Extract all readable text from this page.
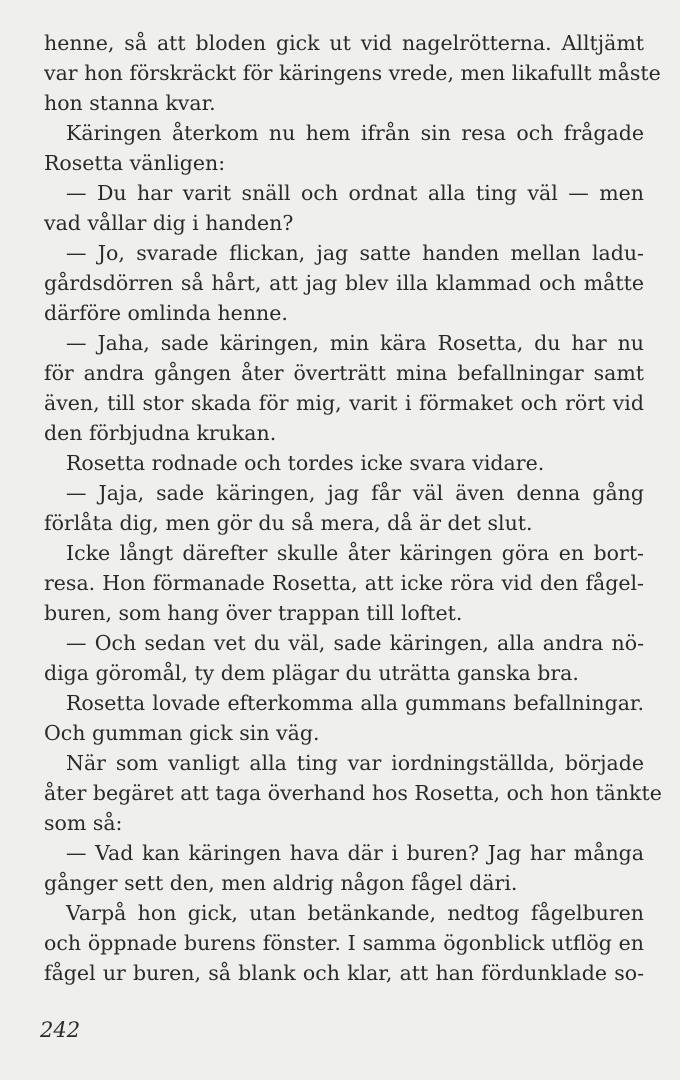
henne, så att bloden gick ut vid nagelrötterna. Alltjämt
var hon förskräckt för käringens vrede, men likafullt måste
hon stanna kvar.
Käringen återkom nu hem ifrån sin resa och frågade
Rosetta vänligen:
— Du har varit snäll och ordnat alla ting väl — men
vad vållar dig i handen?
— Jo, svarade flickan, jag satte handen mellan ladu-
gårdsdörren så hårt, att jag blev illa klammad och måtte
därföre omlinda henne.
— Jaha, sade käringen, min kära Rosetta, du har nu
för andra gången åter överträtt mina befallningar samt
även, till stor skada för mig, varit i förmaket och rört vid
den förbjudna krukan.
Rosetta rodnade och tordes icke svara vidare.
— Jaja, sade käringen, jag får väl även denna gång
förlåta dig, men gör du så mera, då är det slut.
Icke långt därefter skulle åter käringen göra en bort-
resa. Hon förmanade Rosetta, att icke röra vid den fågel-
buren, som hang över trappan till loftet.
— Och sedan vet du väl, sade käringen, alla andra nö-
diga göromål, ty dem plägar du uträtta ganska bra.
Rosetta lovade efterkomma alla gummans befallningar.
Och gumman gick sin väg.
När som vanligt alla ting var iordningställda, började
åter begäret att taga överhand hos Rosetta, och hon tänkte
som så:
— Vad kan käringen hava där i buren? Jag har många
gånger sett den, men aldrig någon fågel däri.
Varpå hon gick, utan betänkande, nedtog fågelburen
och öppnade burens fönster. I samma ögonblick utflög en
fågel ur buren, så blank och klar, att han fördunklade so-
242
